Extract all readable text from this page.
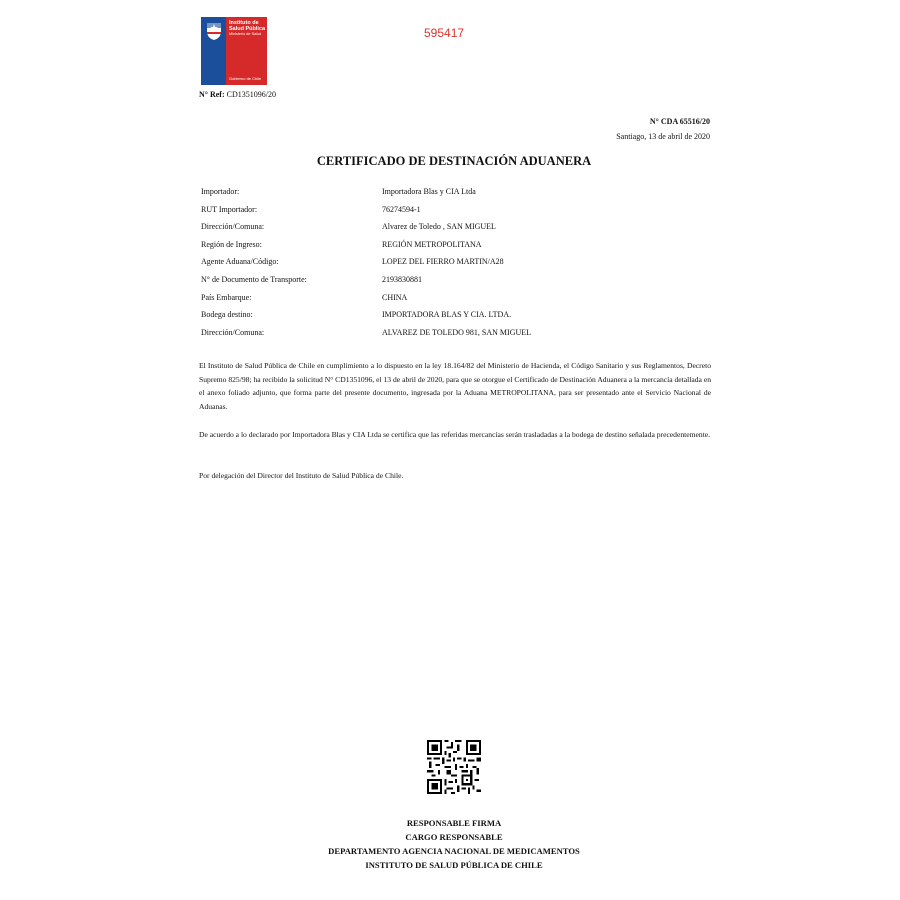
Instituto de
Salud Pública
Ministerio de Salud
Gobierno de Chile
595417
N° Ref: CD1351096/20
N° CDA 65516/20
Santiago, 13 de abril de 2020
CERTIFICADO DE DESTINACIÓN ADUANERA
Importador:	Importadora Blas y CIA Ltda
RUT Importador:	76274594-1
Dirección/Comuna:	Alvarez de Toledo , SAN MIGUEL
Región de Ingreso:	REGIÓN METROPOLITANA
Agente Aduana/Código:	LOPEZ DEL FIERRO MARTIN/A28
N° de Documento de Transporte:	2193830881
País Embarque:	CHINA
Bodega destino:	IMPORTADORA BLAS Y CIA. LTDA.
Dirección/Comuna:	ALVAREZ DE TOLEDO 981, SAN MIGUEL

El Instituto de Salud Pública de Chile en cumplimiento a lo dispuesto en la ley 18.164/82 del Ministerio de Hacienda, el Código Sanitario y sus Reglamentos, Decreto Supremo 825/98; ha recibido la solicitud N° CD1351096, el 13 de abril de 2020, para que se otorgue el Certificado de Destinación Aduanera a la mercancía detallada en el anexo foliado adjunto, que forma parte del presente documento, ingresada por la Aduana METROPOLITANA, para ser presentado ante el Servicio Nacional de Aduanas.

De acuerdo a lo declarado por Importadora Blas y CIA Ltda se certifica que las referidas mercancías serán trasladadas a la bodega de destino señalada precedentemente.

Por delegación del Director del Instituto de Salud Pública de Chile.

RESPONSABLE FIRMA
CARGO RESPONSABLE
DEPARTAMENTO AGENCIA NACIONAL DE MEDICAMENTOS
INSTITUTO DE SALUD PÚBLICA DE CHILE
